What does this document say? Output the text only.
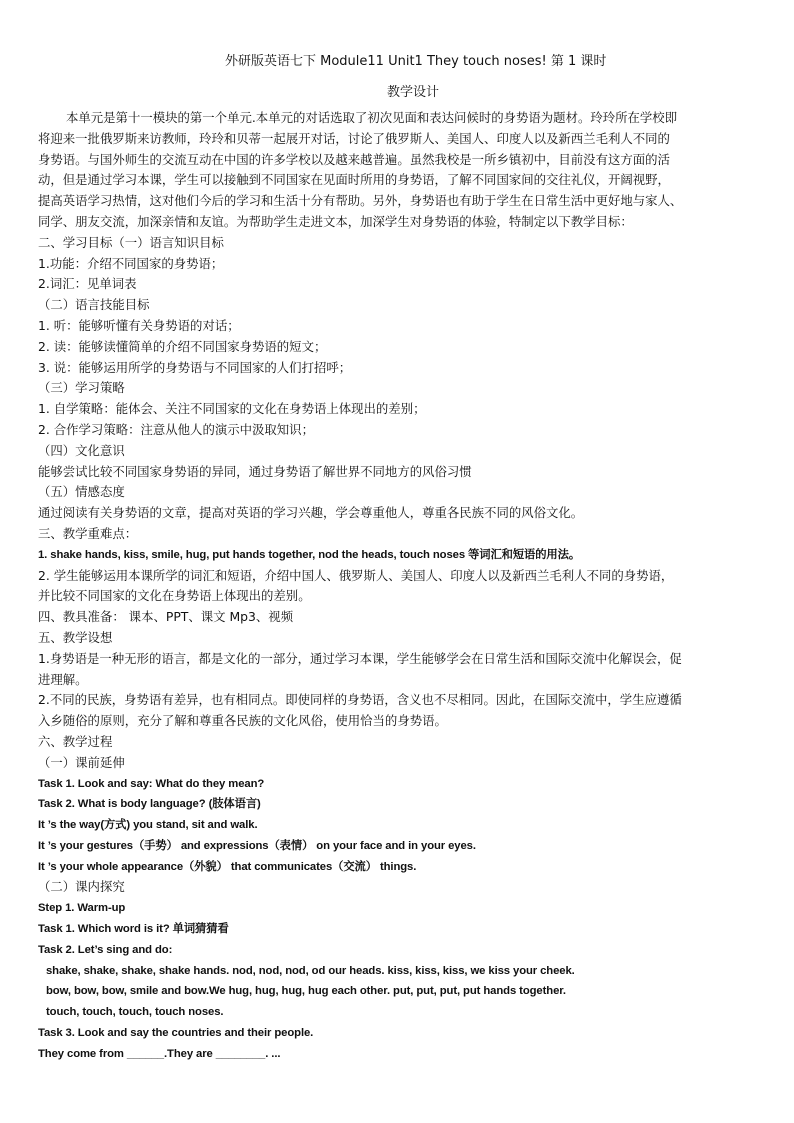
外研版英语七下 Module11 Unit1 They touch noses! 第 1 课时
教学设计
本单元是第十一模块的第一个单元.本单元的对话选取了初次见面和表达问候时的身势语为题材。玲玲所在学校即
将迎来一批俄罗斯来访教师，玲玲和贝蒂一起展开对话，讨论了俄罗斯人、美国人、印度人以及新西兰毛利人不同的
身势语。与国外师生的交流互动在中国的许多学校以及越来越普遍。虽然我校是一所乡镇初中，目前没有这方面的活
动，但是通过学习本课，学生可以接触到不同国家在见面时所用的身势语，了解不同国家间的交往礼仪，开阔视野，
提高英语学习热情，这对他们今后的学习和生活十分有帮助。另外，身势语也有助于学生在日常生活中更好地与家人、
同学、朋友交流，加深亲情和友谊。为帮助学生走进文本，加深学生对身势语的体验，特制定以下教学目标：
二、学习目标（一）语言知识目标
1.功能：介绍不同国家的身势语；
2.词汇：见单词表
（二）语言技能目标
1. 听：能够听懂有关身势语的对话；
2. 读：能够读懂简单的介绍不同国家身势语的短文；
3. 说：能够运用所学的身势语与不同国家的人们打招呼；
（三）学习策略
1. 自学策略：能体会、关注不同国家的文化在身势语上体现出的差别；
2. 合作学习策略：注意从他人的演示中汲取知识；
（四）文化意识
能够尝试比较不同国家身势语的异同，通过身势语了解世界不同地方的风俗习惯
（五）情感态度
通过阅读有关身势语的文章，提高对英语的学习兴趣，学会尊重他人，尊重各民族不同的风俗文化。
三、教学重难点：
1. shake hands, kiss, smile, hug, put hands together, nod the heads, touch noses 等词汇和短语的用法。
2. 学生能够运用本课所学的词汇和短语，介绍中国人、俄罗斯人、美国人、印度人以及新西兰毛利人不同的身势语，
并比较不同国家的文化在身势语上体现出的差别。
四、教具准备： 课本、PPT、课文 Mp3、视频
五、教学设想
1.身势语是一种无形的语言，都是文化的一部分，通过学习本课，学生能够学会在日常生活和国际交流中化解误会，促
进理解。
2.不同的民族，身势语有差异，也有相同点。即使同样的身势语，含义也不尽相同。因此，在国际交流中，学生应遵循
入乡随俗的原则，充分了解和尊重各民族的文化风俗，使用恰当的身势语。
六、教学过程
（一）课前延伸
Task 1. Look and say: What do they mean?
Task 2. What is body language? (肢体语言)
It ’s the way(方式) you stand, sit and walk.
It ’s your gestures（手势） and expressions（表情） on your face and in your eyes.
It ’s your whole appearance（外貌） that communicates（交流） things.
（二）课内探究
Step 1. Warm-up
Task 1. Which word is it? 单词猜猜看
Task 2. Let’s sing and do:
shake, shake, shake, shake hands. nod, nod, nod, od our heads. kiss, kiss, kiss, we kiss your cheek.
bow, bow, bow, smile and bow.We hug, hug, hug, hug each other. put, put, put, put hands together.
touch, touch, touch, touch noses.
Task 3. Look and say the countries and their people.
They come from ______.They are ________. ...
